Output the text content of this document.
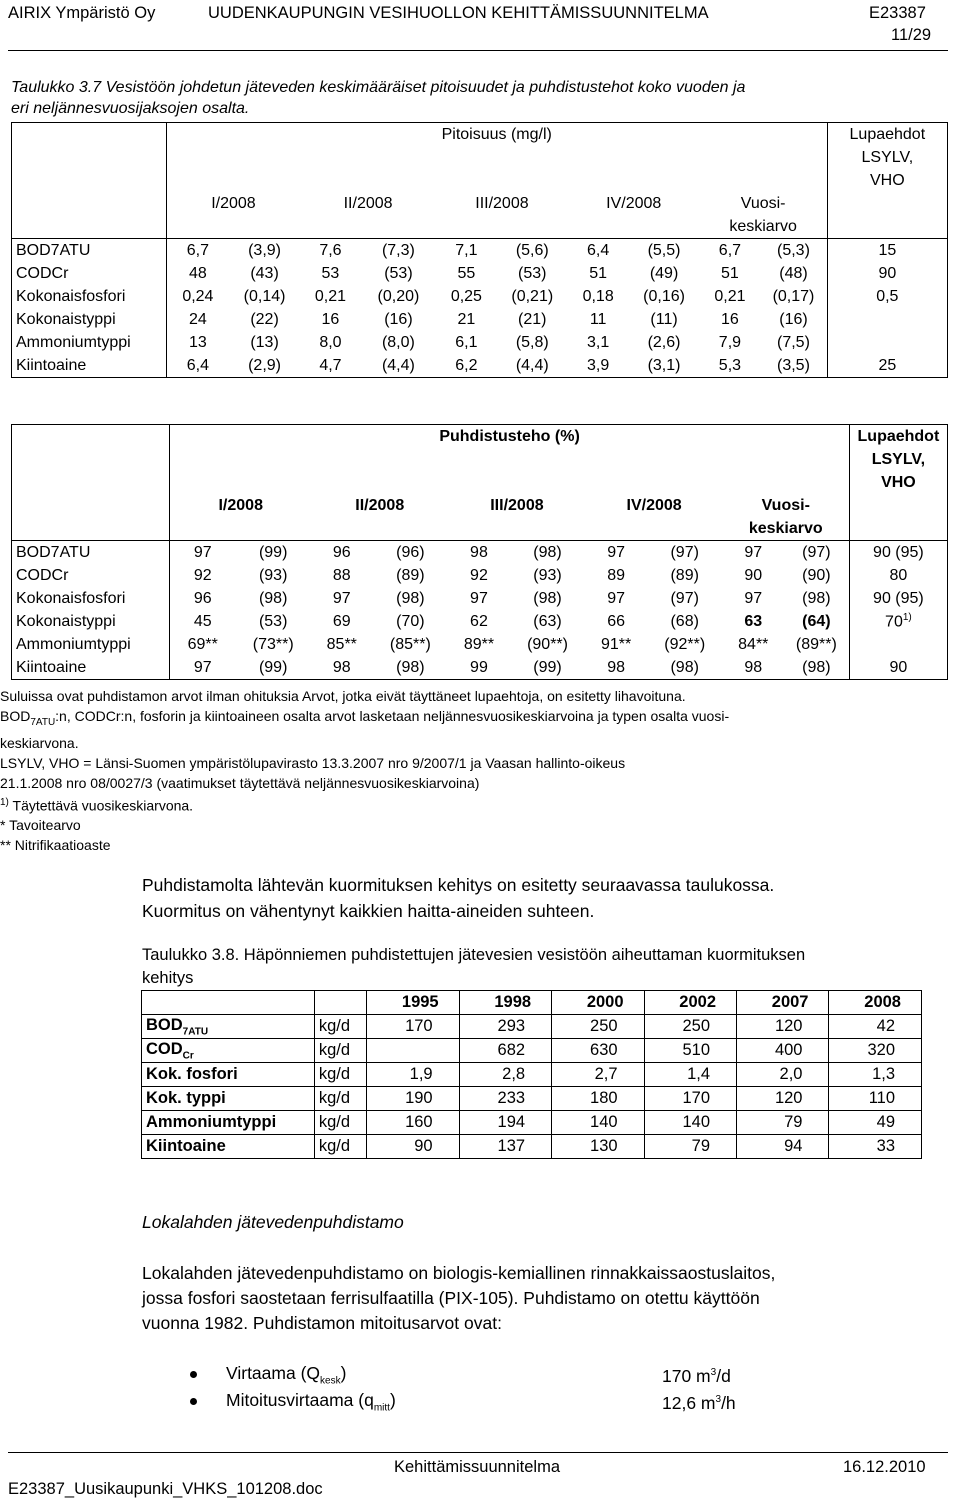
AIRIX Ympäristö Oy	UUDENKAUPUNGIN VESIHUOLLON KEHITTÄMISSUUNNITELMA	E23387
11/29
Taulukko 3.7 Vesistöön johdetun jäteveden keskimääräiset pitoisuudet ja puhdistustehot koko vuoden ja
eri neljännesvuosijaksojen osalta.
	Pitoisuus (mg/l)										Lupaehdot
											LSYLV,
											VHO
	I/2008		II/2008		III/2008		IV/2008		Vuosi-		
									keskiarvo		
BOD7ATU	6,7	(3,9)	7,6	(7,3)	7,1	(5,6)	6,4	(5,5)	6,7	(5,3)	15
CODCr	48	(43)	53	(53)	55	(53)	51	(49)	51	(48)	90
Kokonaisfosfori	0,24	(0,14)	0,21	(0,20)	0,25	(0,21)	0,18	(0,16)	0,21	(0,17)	0,5
Kokonaistyppi	24	(22)	16	(16)	21	(21)	11	(11)	16	(16)	
Ammoniumtyppi	13	(13)	8,0	(8,0)	6,1	(5,8)	3,1	(2,6)	7,9	(7,5)	
Kiintoaine	6,4	(2,9)	4,7	(4,4)	6,2	(4,4)	3,9	(3,1)	5,3	(3,5)	25
	Puhdistusteho (%)										Lupaehdot
											LSYLV,
											VHO
	I/2008		II/2008		III/2008		IV/2008		Vuosi-		
									keskiarvo		
BOD7ATU	97	(99)	96	(96)	98	(98)	97	(97)	97	(97)	90 (95)
CODCr	92	(93)	88	(89)	92	(93)	89	(89)	90	(90)	80
Kokonaisfosfori	96	(98)	97	(98)	97	(98)	97	(97)	97	(98)	90 (95)
Kokonaistyppi	45	(53)	69	(70)	62	(63)	66	(68)	63	(64)	70$^{1)}$
Ammoniumtyppi	69**	(73**)	85**	(85**)	89**	(90**)	91**	(92**)	84**	(89**)	
Kiintoaine	97	(99)	98	(98)	99	(99)	98	(98)	98	(98)	90

Suluissa ovat puhdistamon arvot ilman ohituksia Arvot, jotka eivät täyttäneet lupaehtoja, on esitetty lihavoituna.

$BOD_{7ATU}:n$, CODCr:n, fosforin ja kiintoaineen osalta arvot lasketaan neljännesvuosikeskiarvoina ja typen osalta vuosi-

keskiarvona.

LSYLV, VHO = Länsi-Suomen ympäristölupavirasto 13.3.2007 nro 9/2007/1 ja Vaasan hallinto-oikeus

21.1.2008 nro 08/0027/3 (vaatimukset täytettävä neljännesvuosikeskiarvoina)

$^{1)}$ Täytettävä vuosikeskiarvona.

* Tavoitearvo

** Nitrifikaatioaste

Puhdistamolta lähtevän kuormituksen kehitys on esitetty seuraavassa taulukossa.
Kuormitus on vähentynyt kaikkien haitta-aineiden suhteen.
Taulukko 3.8. Häpönniemen puhdistettujen jätevesien vesistöön aiheuttaman kuormituksen
kehitys
		1995	1998	2000	2002	2007	2008
$BOD_{7ATU}$	kg/d	170	293	250	250	120	42
$COD_{Cr}$	kg/d		682	630	510	400	320
Kok. fosfori	kg/d	1,9	2,8	2,7	1,4	2,0	1,3
Kok. typpi	kg/d	190	233	180	170	120	110
Ammoniumtyppi	kg/d	160	194	140	140	79	49
Kiintoaine	kg/d	90	137	130	79	94	33
Lokalahden jätevedenpuhdistamo
Lokalahden jätevedenpuhdistamo on biologis-kemiallinen rinnakkaissaostuslaitos,
jossa fosfori saostetaan ferrisulfaatilla (PIX-105). Puhdistamo on otettu käyttöön
vuonna 1982. Puhdistamon mitoitusarvot ovat:
Virtaama $(Q_{kesk})$	170 $m^3/d$
Mitoitusvirtaama $(q_{mitt})$	12,6 $m^3/h$
Kehittämissuunnitelma	16.12.2010
E23387_Uusikaupunki_VHKS_101208.doc
